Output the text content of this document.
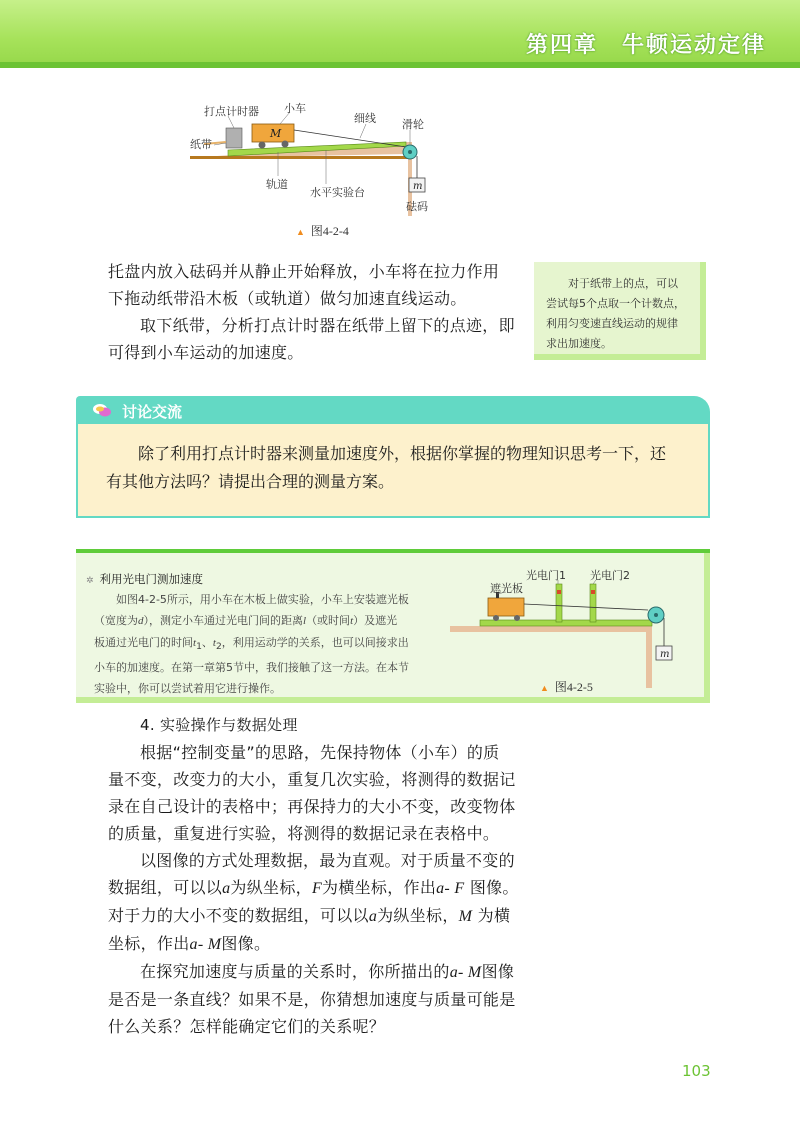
第四章　牛顿运动定律
打点计时器 小车
细线 滑轮
纸带
M
轨道
水平实验台	m
砝码
▲ 图4-2-4
托盘内放入砝码并从静止开始释放，小车将在拉力作用
下拖动纸带沿木板（或轨道）做匀加速直线运动。
取下纸带，分析打点计时器在纸带上留下的点迹，即
可得到小车运动的加速度。
对于纸带上的点，可以
尝试每5个点取一个计数点，
利用匀变速直线运动的规律
求出加速度。
讨论交流
除了利用打点计时器来测量加速度外，根据你掌握的物理知识思考一下，还
有其他方法吗？请提出合理的测量方案。
✲ 利用光电门测加速度
如图4-2-5所示，用小车在木板上做实验，小车上安装遮光板
（宽度为d），测定小车通过光电门间的距离l（或时间t）及遮光
板通过光电门的时间$t_1$、$t_2$，利用运动学的关系，也可以间接求出
小车的加速度。在第一章第5节中，我们接触了这一方法。在本节
实验中，你可以尝试着用它进行操作。
光电门1 光电门2
遮光板
m
▲ 图4-2-5
4. 实验操作与数据处理
根据“控制变量”的思路，先保持物体（小车）的质
量不变，改变力的大小，重复几次实验，将测得的数据记
录在自己设计的表格中；再保持力的大小不变，改变物体
的质量，重复进行实验，将测得的数据记录在表格中。
以图像的方式处理数据，最为直观。对于质量不变的
数据组，可以以a为纵坐标，F为横坐标，作出a- F 图像。
对于力的大小不变的数据组，可以以a为纵坐标，M 为横
坐标，作出a- M图像。
在探究加速度与质量的关系时，你所描出的a- M图像
是否是一条直线？如果不是，你猜想加速度与质量可能是
什么关系？怎样能确定它们的关系呢？
103
